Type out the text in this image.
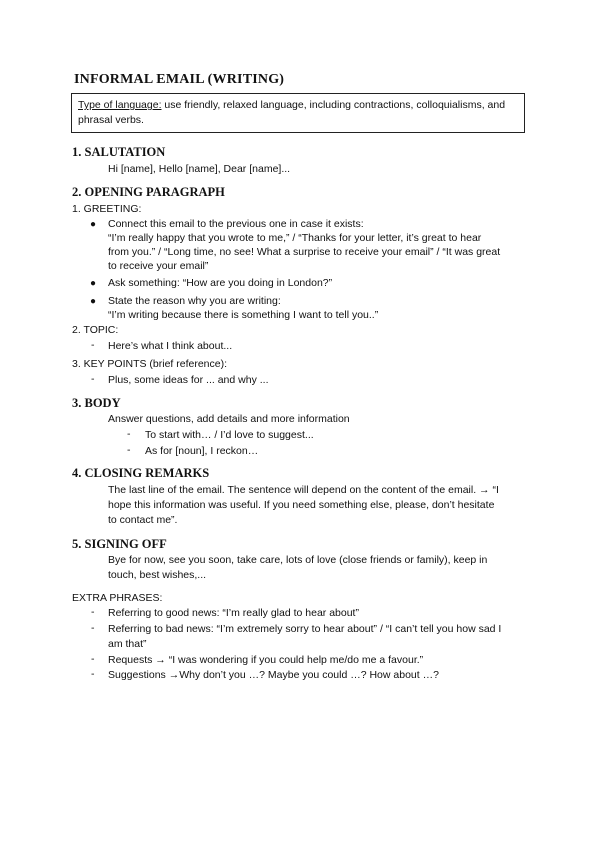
INFORMAL EMAIL (WRITING)
Type of language: use friendly, relaxed language, including contractions, colloquialisms, and phrasal verbs.
1. SALUTATION
Hi [name], Hello [name], Dear [name]...
2. OPENING PARAGRAPH
1. GREETING:
● Connect this email to the previous one in case it exists:
“I’m really happy that you wrote to me,” / “Thanks for your letter, it’s great to hear
from you.” / “Long time, no see! What a surprise to receive your email” / “It was great
to receive your email”
● Ask something: “How are you doing in London?”
● State the reason why you are writing:
“I’m writing because there is something I want to tell you..”
2. TOPIC:
- Here’s what I think about...
3. KEY POINTS (brief reference):
- Plus, some ideas for ... and why ...
3. BODY
Answer questions, add details and more information
- To start with… / I’d love to suggest...
- As for [noun], I reckon…
4. CLOSING REMARKS
The last line of the email. The sentence will depend on the content of the email. → “I
hope this information was useful. If you need something else, please, don’t hesitate
to contact me”.
5. SIGNING OFF
Bye for now, see you soon, take care, lots of love (close friends or family), keep in
touch, best wishes,...
EXTRA PHRASES:
- Referring to good news: “I’m really glad to hear about”
- Referring to bad news: “I’m extremely sorry to hear about” / “I can’t tell you how sad I
am that”
- Requests → “I was wondering if you could help me/do me a favour.”
- Suggestions →Why don’t you …? Maybe you could …? How about …?
